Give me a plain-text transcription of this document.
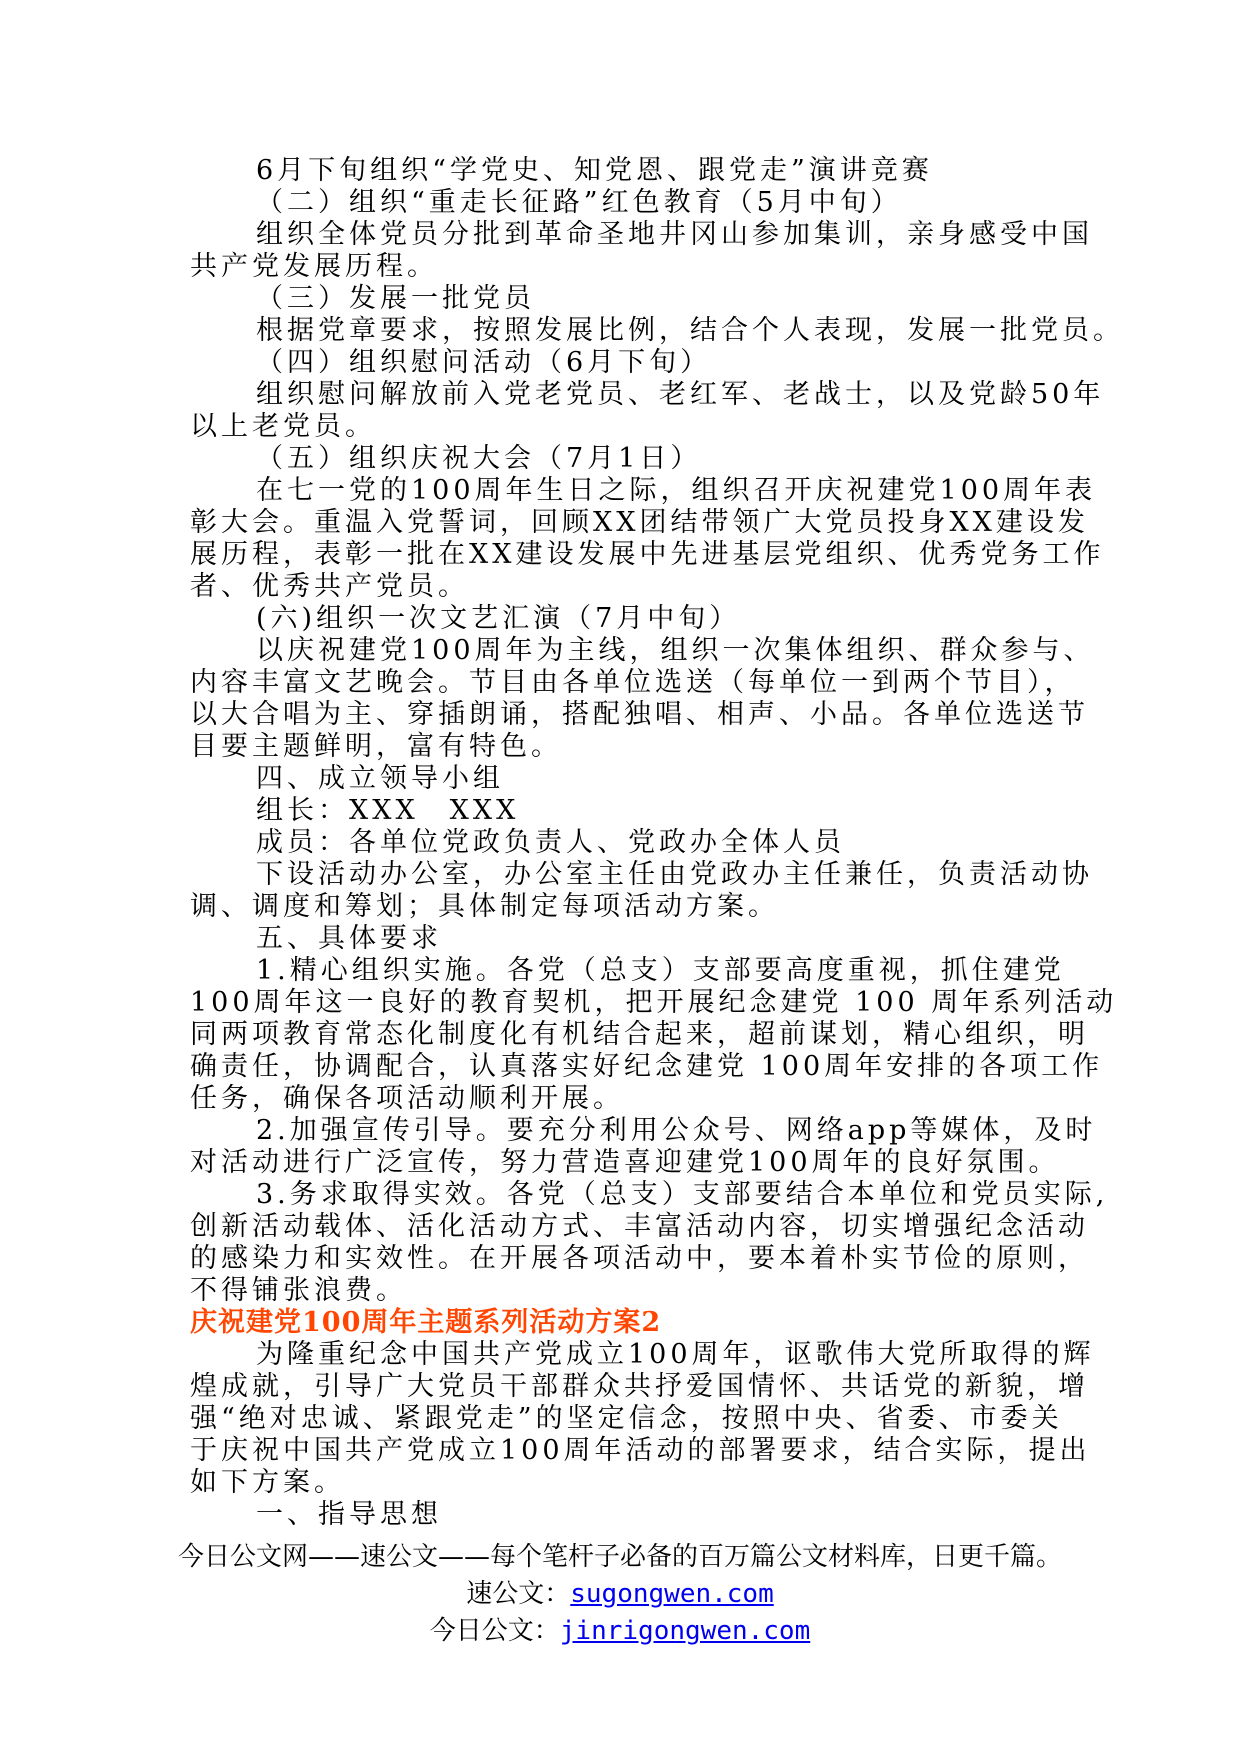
6月下旬组织“学党史、知党恩、跟党走”演讲竞赛
（二）组织“重走长征路”红色教育（5月中旬）
组织全体党员分批到革命圣地井冈山参加集训，亲身感受中国
共产党发展历程。
（三）发展一批党员
根据党章要求，按照发展比例，结合个人表现，发展一批党员。
（四）组织慰问活动（6月下旬）
组织慰问解放前入党老党员、老红军、老战士，以及党龄50年
以上老党员。
（五）组织庆祝大会（7月1日）
在七一党的100周年生日之际，组织召开庆祝建党100周年表
彰大会。重温入党誓词，回顾XX团结带领广大党员投身XX建设发
展历程，表彰一批在XX建设发展中先进基层党组织、优秀党务工作
者、优秀共产党员。
(六)组织一次文艺汇演（7月中旬）
以庆祝建党100周年为主线，组织一次集体组织、群众参与、
内容丰富文艺晚会。节目由各单位选送（每单位一到两个节目），
以大合唱为主、穿插朗诵，搭配独唱、相声、小品。各单位选送节
目要主题鲜明，富有特色。
四、成立领导小组
组长：XXX　XXX
成员：各单位党政负责人、党政办全体人员
下设活动办公室，办公室主任由党政办主任兼任，负责活动协
调、调度和筹划；具体制定每项活动方案。
五、具体要求
1.精心组织实施。各党（总支）支部要高度重视，抓住建党
100周年这一良好的教育契机，把开展纪念建党 100 周年系列活动
同两项教育常态化制度化有机结合起来，超前谋划，精心组织，明
确责任，协调配合，认真落实好纪念建党 100周年安排的各项工作
任务，确保各项活动顺利开展。
2.加强宣传引导。要充分利用公众号、网络app等媒体，及时
对活动进行广泛宣传，努力营造喜迎建党100周年的良好氛围。
3.务求取得实效。各党（总支）支部要结合本单位和党员实际,
创新活动载体、活化活动方式、丰富活动内容，切实增强纪念活动
的感染力和实效性。在开展各项活动中，要本着朴实节俭的原则，
不得铺张浪费。
庆祝建党100周年主题系列活动方案2
为隆重纪念中国共产党成立100周年，讴歌伟大党所取得的辉
煌成就，引导广大党员干部群众共抒爱国情怀、共话党的新貌，增
强“绝对忠诚、紧跟党走”的坚定信念，按照中央、省委、市委关
于庆祝中国共产党成立100周年活动的部署要求，结合实际，提出
如下方案。
一、指导思想
今日公文网——速公文——每个笔杆子必备的百万篇公文材料库，日更千篇。
速公文：sugongwen.com
今日公文：jinrigongwen.com
